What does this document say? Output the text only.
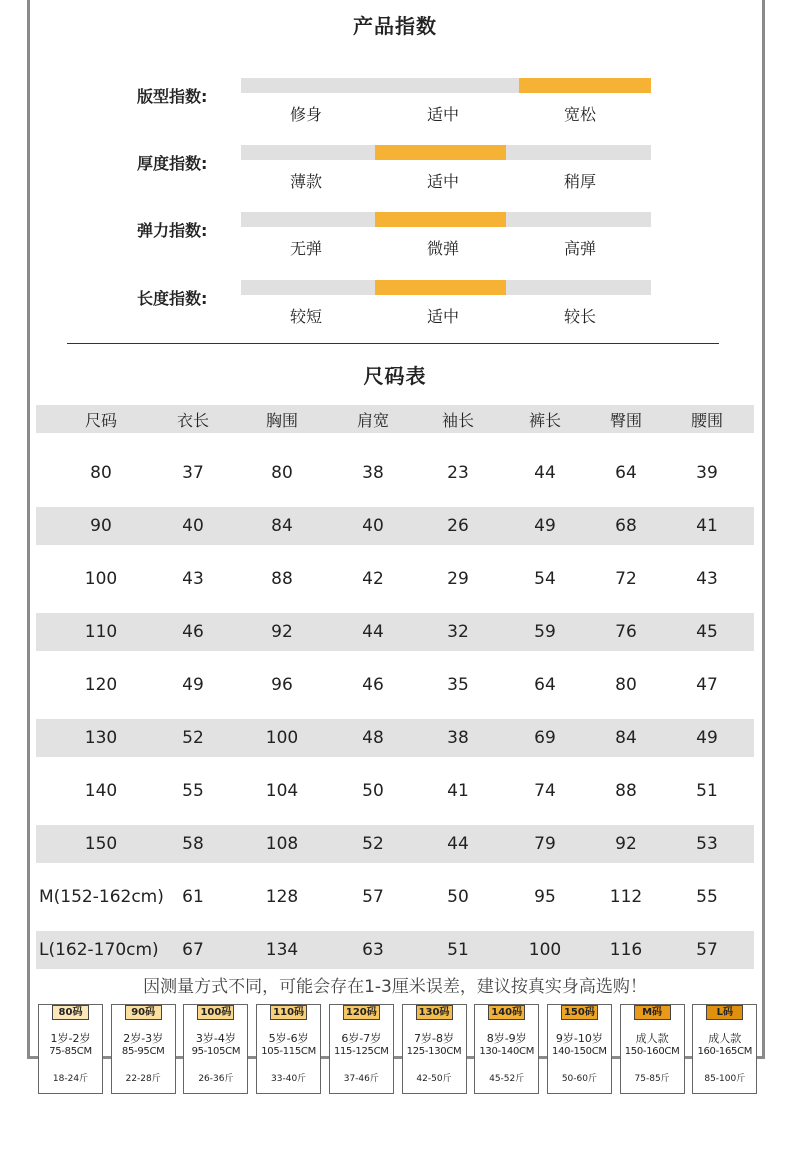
产品指数
版型指数:
修身	适中	宽松
厚度指数:
薄款	适中	稍厚
弹力指数:
无弹	微弹	高弹
长度指数:
较短	适中	较长
尺码表
尺码	衣长	胸围	肩宽	袖长	裤长	臀围	腰围
80	37	80	38	23	44	64	39
90	40	84	40	26	49	68	41
100	43	88	42	29	54	72	43
110	46	92	44	32	59	76	45
120	49	96	46	35	64	80	47
130	52	100	48	38	69	84	49
140	55	104	50	41	74	88	51
150	58	108	52	44	79	92	53
M(152-162cm)	61	128	57	50	95	112	55
L(162-170cm)	67	134	63	51	100	116	57
因测量方式不同，可能会存在1-3厘米误差，建议按真实身高选购！
80码
1岁-2岁
75-85CM
18-24斤
90码
2岁-3岁
85-95CM
22-28斤
100码
3岁-4岁
95-105CM
26-36斤
110码
5岁-6岁
105-115CM
33-40斤
120码
6岁-7岁
115-125CM
37-46斤
130码
7岁-8岁
125-130CM
42-50斤
140码
8岁-9岁
130-140CM
45-52斤
150码
9岁-10岁
140-150CM
50-60斤
M码
成人款
150-160CM
75-85斤
L码
成人款
160-165CM
85-100斤
